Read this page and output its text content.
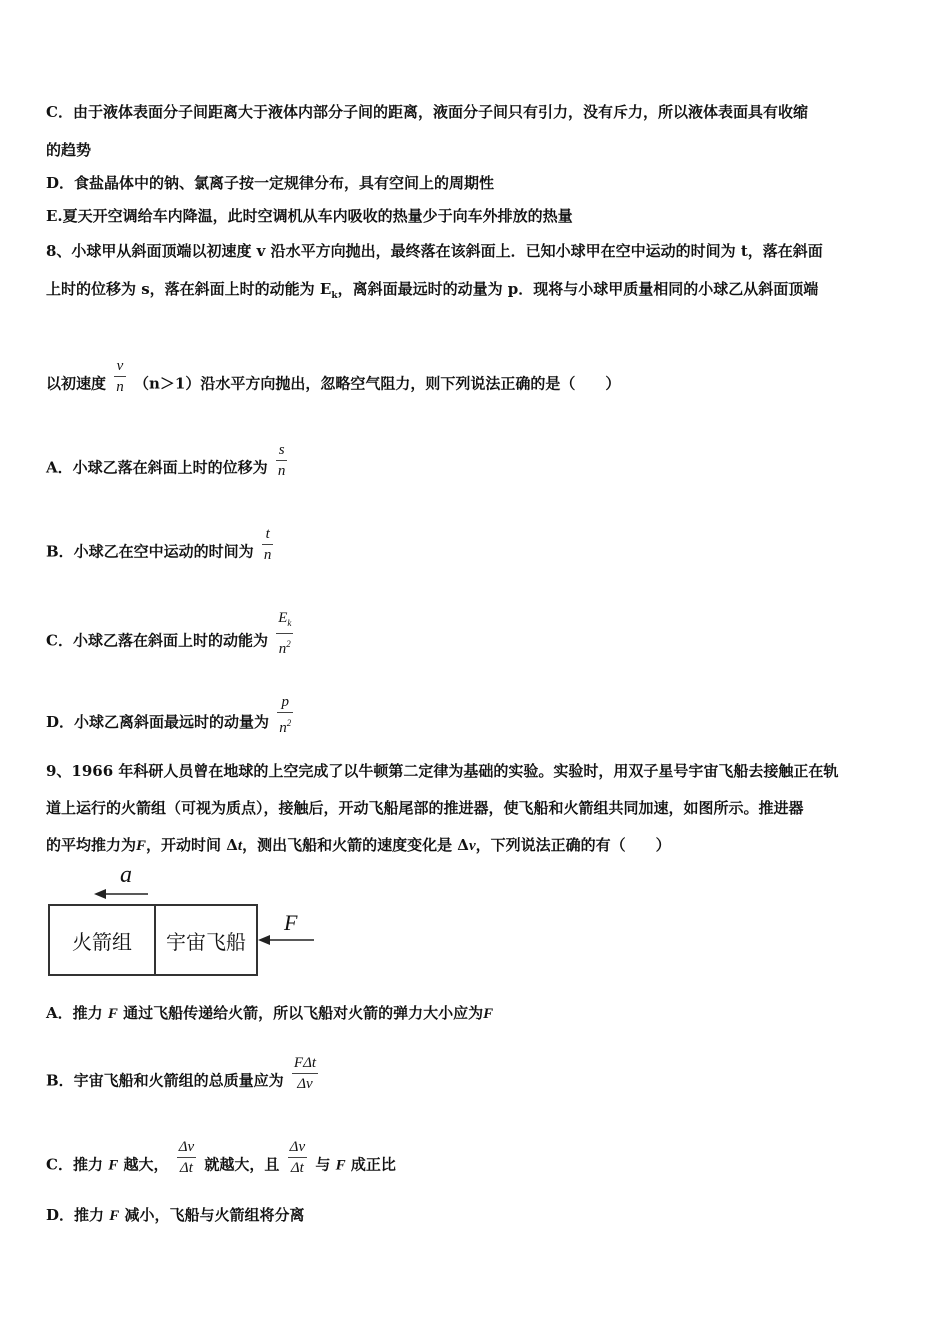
C．由于液体表面分子间距离大于液体内部分子间的距离，液面分子间只有引力，没有斥力，所以液体表面具有收缩
的趋势
D．食盐晶体中的钠、氯离子按一定规律分布，具有空间上的周期性
E.夏天开空调给车内降温，此时空调机从车内吸收的热量少于向车外排放的热量
8、小球甲从斜面顶端以初速度 v 沿水平方向抛出，最终落在该斜面上．已知小球甲在空中运动的时间为 t，落在斜面
上时的位移为 s，落在斜面上时的动能为 $E_k$，离斜面最远时的动量为 p．现将与小球甲质量相同的小球乙从斜面顶端
以初速度 $\frac{v}{n} (n>1)$沿水平方向抛出，忽略空气阻力，则下列说法正确的是（　　）
A．小球乙落在斜面上时的位移为 $\frac{s}{n}$
B．小球乙在空中运动的时间为 $\frac{t}{n}$
C．小球乙落在斜面上时的动能为 $\frac{E_k}{n^2}$
D．小球乙离斜面最远时的动量为 $\frac{p}{n^2}$
9、1966 年科研人员曾在地球的上空完成了以牛顿第二定律为基础的实验。实验时，用双子星号宇宙飞船去接触正在轨
道上运行的火箭组（可视为质点），接触后，开动飞船尾部的推进器，使飞船和火箭组共同加速，如图所示。推进器
的平均推力为F，开动时间 Δt，测出飞船和火箭的速度变化是 Δv，下列说法正确的有（　　）
a
火箭组	宇宙飞船
F
A．推力 F 通过飞船传递给火箭，所以飞船对火箭的弹力大小应为F
B．宇宙飞船和火箭组的总质量应为 $\frac{\text{FΔt}}{\Delta v}$
C．推力 F 越大， $\frac{\Delta v}{\Delta t}$ 就越大，且 $\frac{\Delta v}{\Delta t}$ 与 F 成正比
D．推力 F 减小，飞船与火箭组将分离
